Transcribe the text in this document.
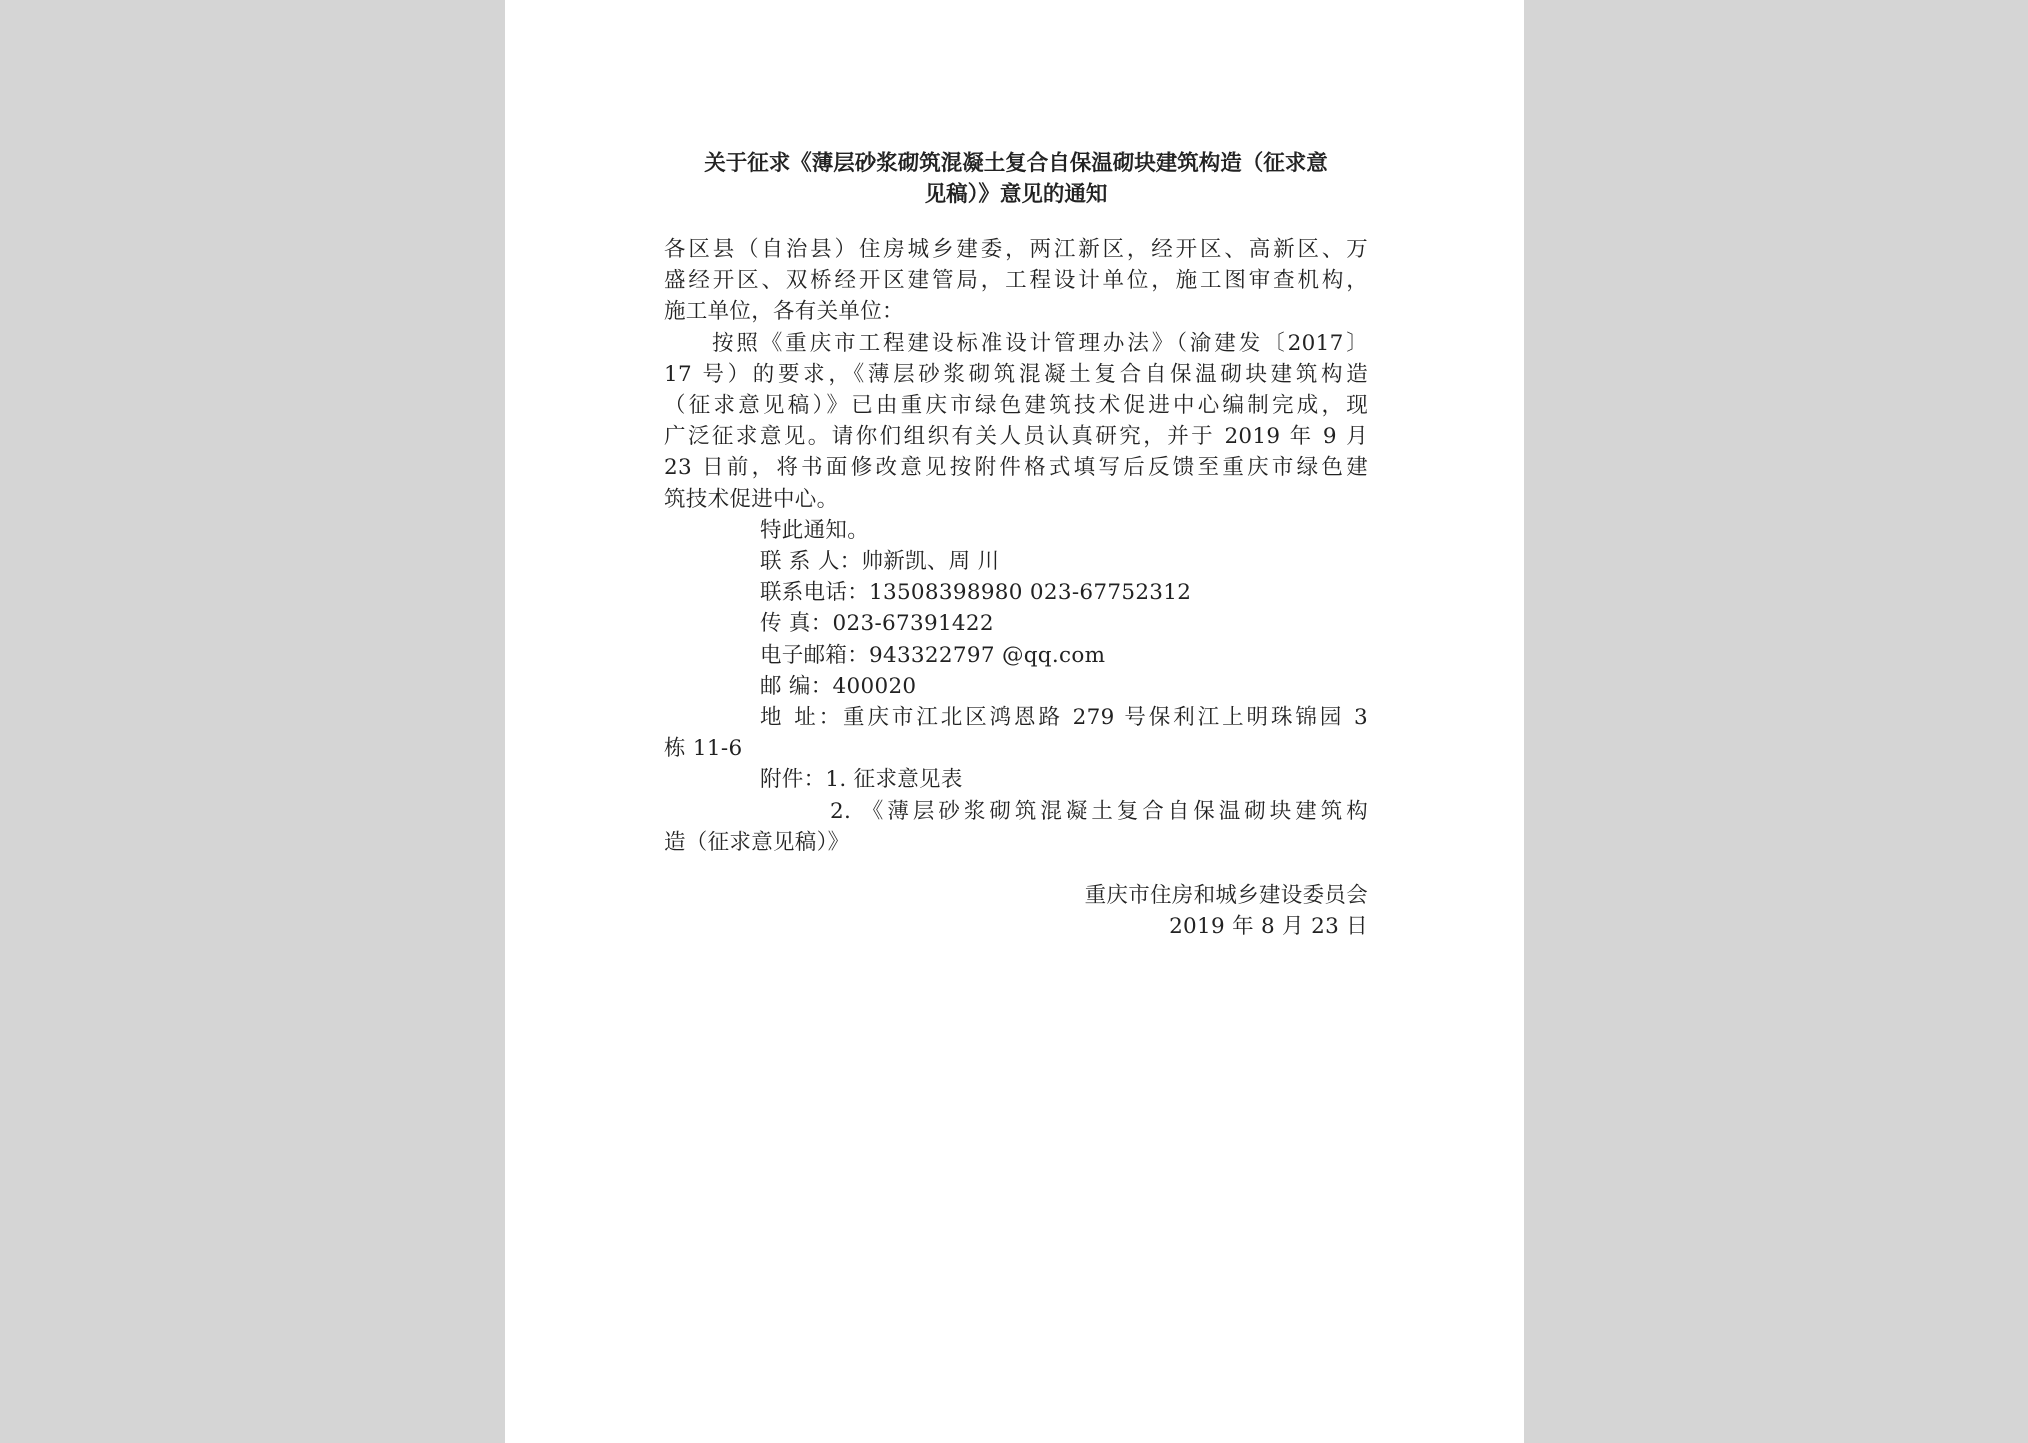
关于征求《薄层砂浆砌筑混凝土复合自保温砌块建筑构造（征求意
见稿）》意见的通知
各区县（自治县）住房城乡建委，两江新区，经开区、高新区、万
盛经开区、双桥经开区建管局，工程设计单位，施工图审查机构，
施工单位，各有关单位：
按照《重庆市工程建设标准设计管理办法》（渝建发〔2017〕
17 号）的要求，《薄层砂浆砌筑混凝土复合自保温砌块建筑构造
（征求意见稿）》已由重庆市绿色建筑技术促进中心编制完成，现
广泛征求意见。请你们组织有关人员认真研究，并于 2019 年 9 月
23 日前，将书面修改意见按附件格式填写后反馈至重庆市绿色建
筑技术促进中心。
特此通知。
联 系 人：帅新凯、周 川
联系电话：13508398980 023-67752312
传 真：023-67391422
电子邮箱：943322797 @qq.com
邮 编：400020
地 址：重庆市江北区鸿恩路 279 号保利江上明珠锦园 3
栋 11-6
附件：1. 征求意见表
2. 《薄层砂浆砌筑混凝土复合自保温砌块建筑构
造（征求意见稿）》
重庆市住房和城乡建设委员会
2019 年 8 月 23 日
